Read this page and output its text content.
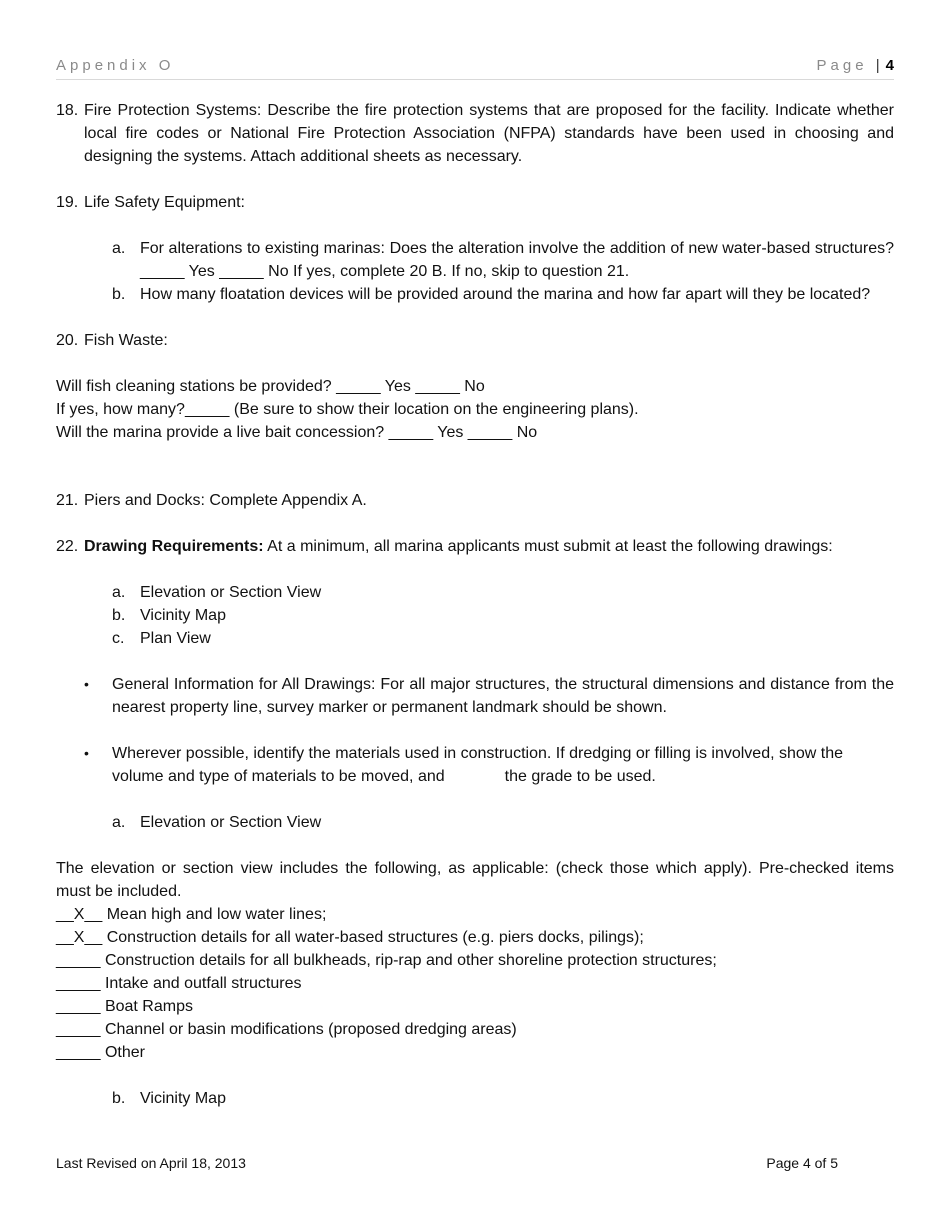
Appendix O	Page | 4
18. Fire Protection Systems: Describe the fire protection systems that are proposed for the facility. Indicate whether local fire codes or National Fire Protection Association (NFPA) standards have been used in choosing and designing the systems. Attach additional sheets as necessary.
19. Life Safety Equipment:
a. For alterations to existing marinas: Does the alteration involve the addition of new water-based structures? _____ Yes _____ No If yes, complete 20 B. If no, skip to question 21.
b. How many floatation devices will be provided around the marina and how far apart will they be located?
20. Fish Waste:

Will fish cleaning stations be provided? _____ Yes _____ No

If yes, how many?_____ (Be sure to show their location on the engineering plans).

Will the marina provide a live bait concession? _____ Yes _____ No

21. Piers and Docks: Complete Appendix A.
22. Drawing Requirements: At a minimum, all marina applicants must submit at least the following drawings:
a. Elevation or Section View
b. Vicinity Map
c. Plan View
•	General Information for All Drawings: For all major structures, the structural dimensions and distance from the nearest property line, survey marker or permanent landmark should be shown.
•	Wherever possible, identify the materials used in construction. If dredging or filling is involved, show the volume and type of materials to be moved, and	the grade to be used.
a. Elevation or Section View

The elevation or section view includes the following, as applicable: (check those which apply). Pre-checked items must be included.

__X__ Mean high and low water lines;

__X__ Construction details for all water-based structures (e.g. piers docks, pilings);

_____ Construction details for all bulkheads, rip-rap and other shoreline protection structures;

_____ Intake and outfall structures

_____ Boat Ramps

_____ Channel or basin modifications (proposed dredging areas)

_____ Other

b. Vicinity Map
Last Revised on April 18, 2013	Page 4 of 5
